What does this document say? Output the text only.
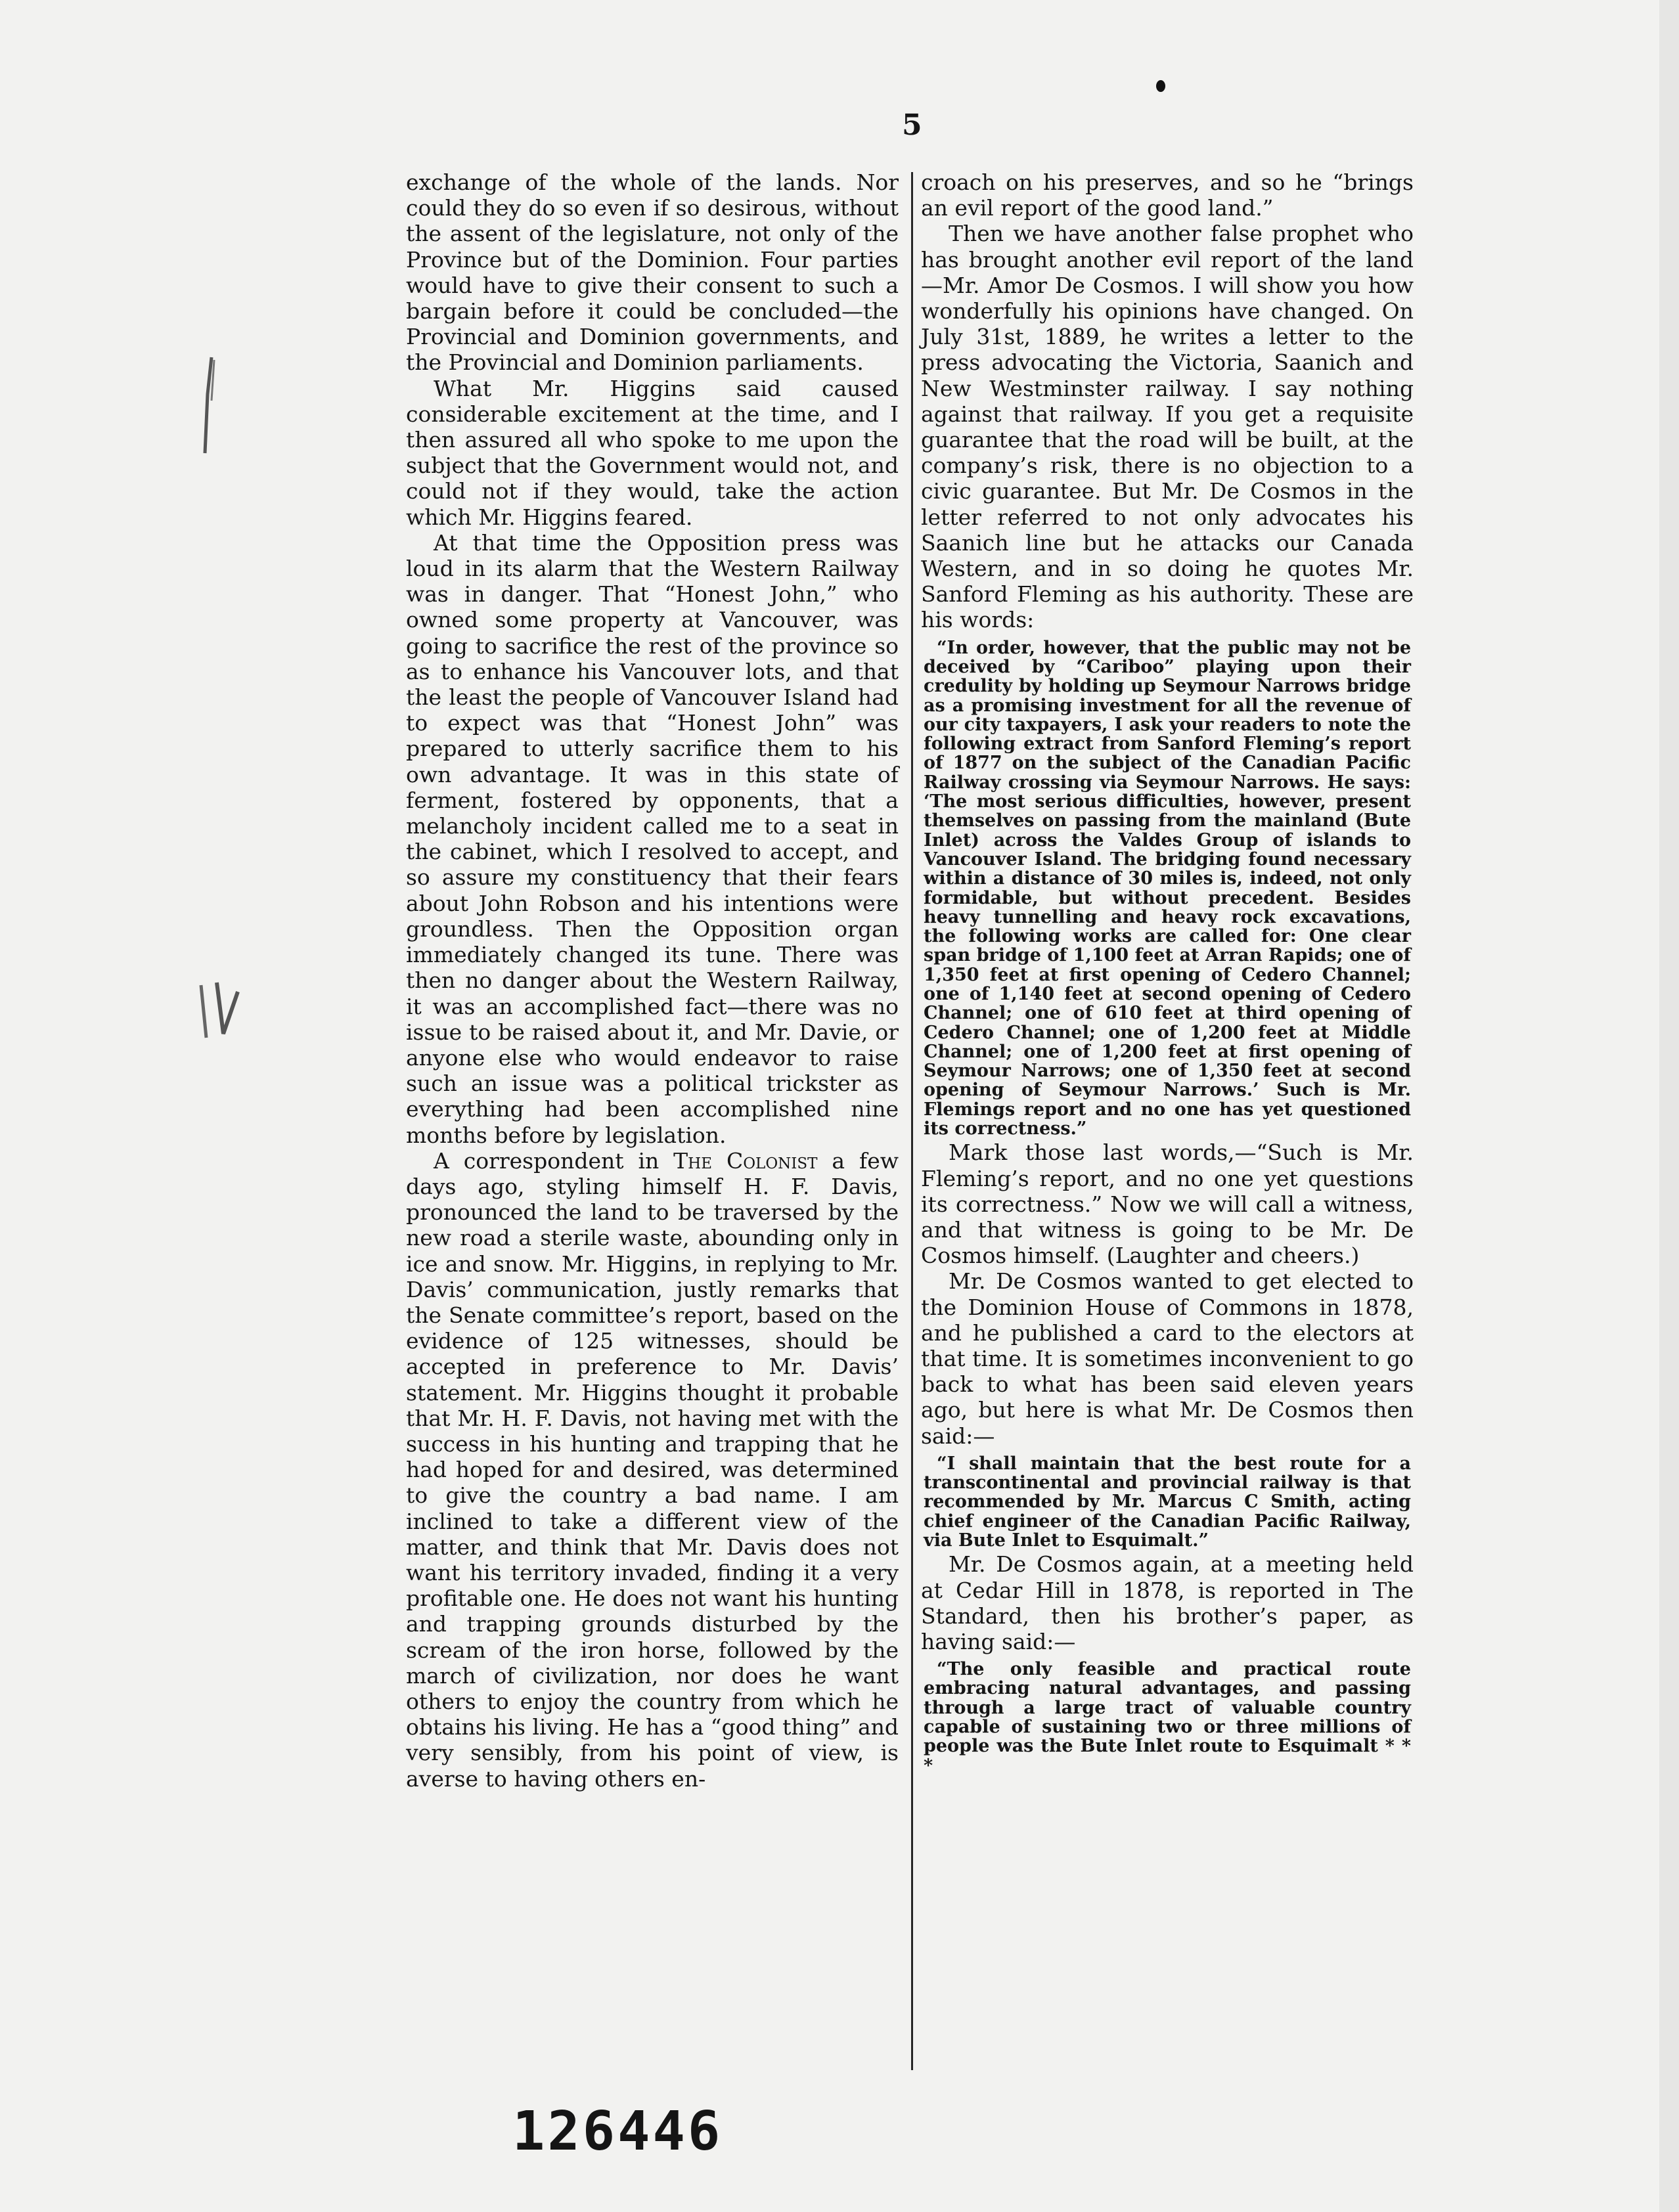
5

exchange of the whole of the lands. Nor could they do so even if so desirous, without the assent of the legislature, not only of the Province but of the Dominion. Four parties would have to give their consent to such a bargain before it could be concluded—the Provincial and Dominion governments, and the Provincial and Dominion parliaments.

What Mr. Higgins said caused considerable excitement at the time, and I then assured all who spoke to me upon the subject that the Government would not, and could not if they would, take the action which Mr. Higgins feared.

At that time the Opposition press was loud in its alarm that the Western Railway was in danger. That “Honest John,” who owned some property at Vancouver, was going to sacrifice the rest of the province so as to enhance his Vancouver lots, and that the least the people of Vancouver Island had to expect was that “Honest John” was prepared to utterly sacrifice them to his own advantage. It was in this state of ferment, fostered by opponents, that a melancholy incident called me to a seat in the cabinet, which I resolved to accept, and so assure my constituency that their fears about John Robson and his intentions were groundless. Then the Opposition organ immediately changed its tune. There was then no danger about the Western Railway, it was an accomplished fact—there was no issue to be raised about it, and Mr. Davie, or anyone else who would endeavor to raise such an issue was a political trickster as everything had been accomplished nine months before by legislation.

A correspondent in The Colonist a few days ago, styling himself H. F. Davis, pronounced the land to be traversed by the new road a sterile waste, abounding only in ice and snow. Mr. Higgins, in replying to Mr. Davis’ communication, justly remarks that the Senate committee’s report, based on the evidence of 125 witnesses, should be accepted in preference to Mr. Davis’ statement. Mr. Higgins thought it probable that Mr. H. F. Davis, not having met with the success in his hunting and trapping that he had hoped for and desired, was determined to give the country a bad name. I am inclined to take a different view of the matter, and think that Mr. Davis does not want his territory invaded, finding it a very profitable one. He does not want his hunting and trapping grounds disturbed by the scream of the iron horse, followed by the march of civilization, nor does he want others to enjoy the country from which he obtains his living. He has a “good thing” and very sensibly, from his point of view, is averse to having others en-

croach on his preserves, and so he “brings an evil report of the good land.”

Then we have another false prophet who has brought another evil report of the land—Mr. Amor De Cosmos. I will show you how wonderfully his opinions have changed. On July 31st, 1889, he writes a letter to the press advocating the Victoria, Saanich and New Westminster railway. I say nothing against that railway. If you get a requisite guarantee that the road will be built, at the company’s risk, there is no objection to a civic guarantee. But Mr. De Cosmos in the letter referred to not only advocates his Saanich line but he attacks our Canada Western, and in so doing he quotes Mr. Sanford Fleming as his authority. These are his words:

“In order, however, that the public may not be deceived by “Cariboo” playing upon their credulity by holding up Seymour Narrows bridge as a promising investment for all the revenue of our city taxpayers, I ask your readers to note the following extract from Sanford Fleming’s report of 1877 on the subject of the Canadian Pacific Railway crossing via Seymour Narrows. He says: ‘The most serious difficulties, however, present themselves on passing from the mainland (Bute Inlet) across the Valdes Group of islands to Vancouver Island. The bridging found necessary within a distance of 30 miles is, indeed, not only formidable, but without precedent. Besides heavy tunnelling and heavy rock excavations, the following works are called for: One clear span bridge of 1,100 feet at Arran Rapids; one of 1,350 feet at first opening of Cedero Channel; one of 1,140 feet at second opening of Cedero Channel; one of 610 feet at third opening of Cedero Channel; one of 1,200 feet at Middle Channel; one of 1,200 feet at first opening of Seymour Narrows; one of 1,350 feet at second opening of Seymour Narrows.’ Such is Mr. Flemings report and no one has yet questioned its correctness.”

Mark those last words,—“Such is Mr. Fleming’s report, and no one yet questions its correctness.” Now we will call a witness, and that witness is going to be Mr. De Cosmos himself. (Laughter and cheers.)

Mr. De Cosmos wanted to get elected to the Dominion House of Commons in 1878, and he published a card to the electors at that time. It is sometimes inconvenient to go back to what has been said eleven years ago, but here is what Mr. De Cosmos then said:—

“I shall maintain that the best route for a transcontinental and provincial railway is that recommended by Mr. Marcus C Smith, acting chief engineer of the Canadian Pacific Railway, via Bute Inlet to Esquimalt.”

Mr. De Cosmos again, at a meeting held at Cedar Hill in 1878, is reported in The Standard, then his brother’s paper, as having said:—

“The only feasible and practical route embracing natural advantages, and passing through a large tract of valuable country capable of sustaining two or three millions of people was the Bute Inlet route to Esquimalt * * *

126446
